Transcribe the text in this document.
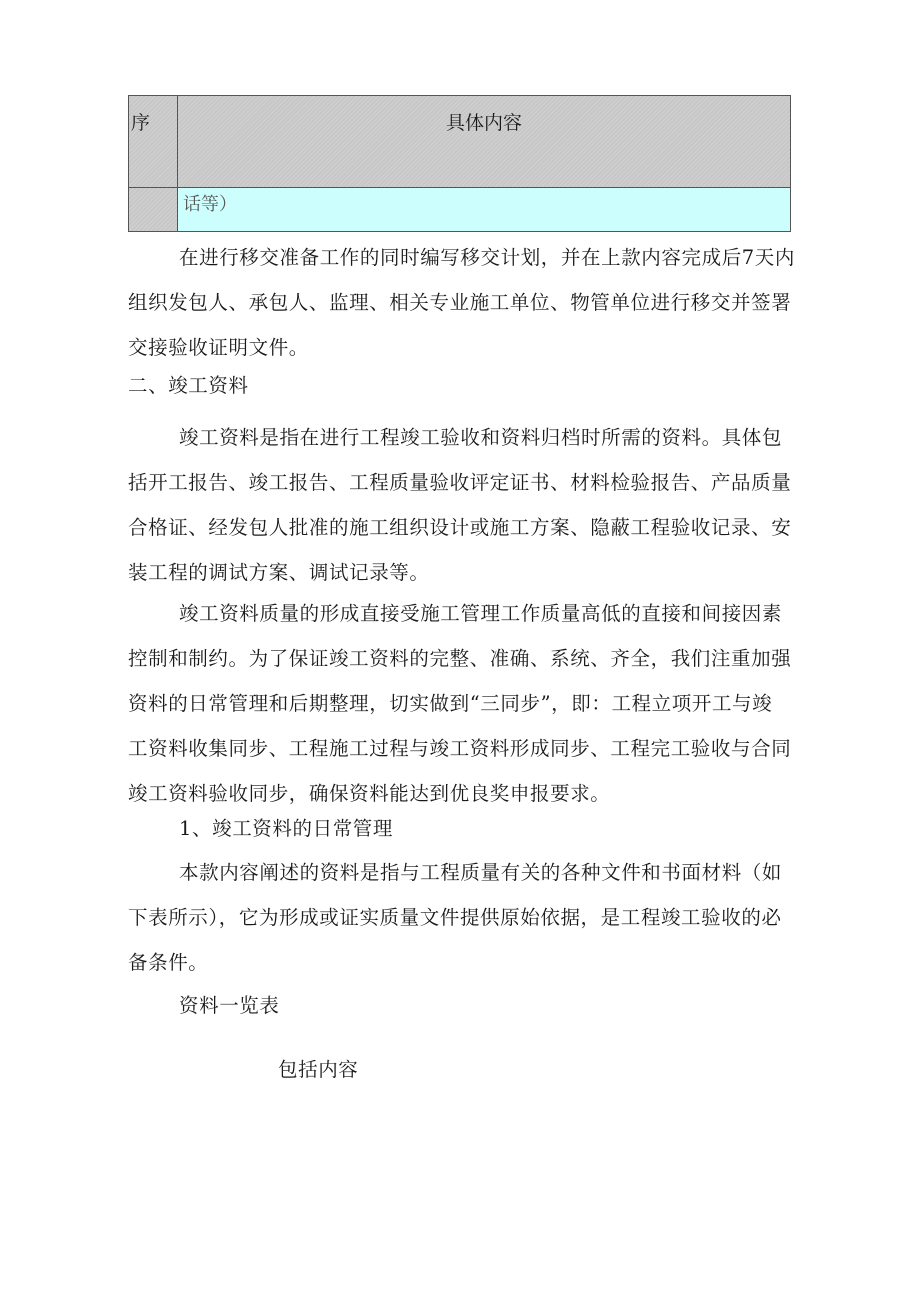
序	具体内容
话等）
在进行移交准备工作的同时编写移交计划，并在上款内容完成后7天内
组织发包人、承包人、监理、相关专业施工单位、物管单位进行移交并签署
交接验收证明文件。
二、竣工资料
竣工资料是指在进行工程竣工验收和资料归档时所需的资料。具体包
括开工报告、竣工报告、工程质量验收评定证书、材料检验报告、产品质量
合格证、经发包人批准的施工组织设计或施工方案、隐蔽工程验收记录、安
装工程的调试方案、调试记录等。
竣工资料质量的形成直接受施工管理工作质量高低的直接和间接因素
控制和制约。为了保证竣工资料的完整、准确、系统、齐全，我们注重加强
资料的日常管理和后期整理，切实做到“三同步”，即：工程立项开工与竣
工资料收集同步、工程施工过程与竣工资料形成同步、工程完工验收与合同
竣工资料验收同步，确保资料能达到优良奖申报要求。
1、竣工资料的日常管理
本款内容阐述的资料是指与工程质量有关的各种文件和书面材料（如
下表所示），它为形成或证实质量文件提供原始依据，是工程竣工验收的必
备条件。
资料一览表
包括内容
